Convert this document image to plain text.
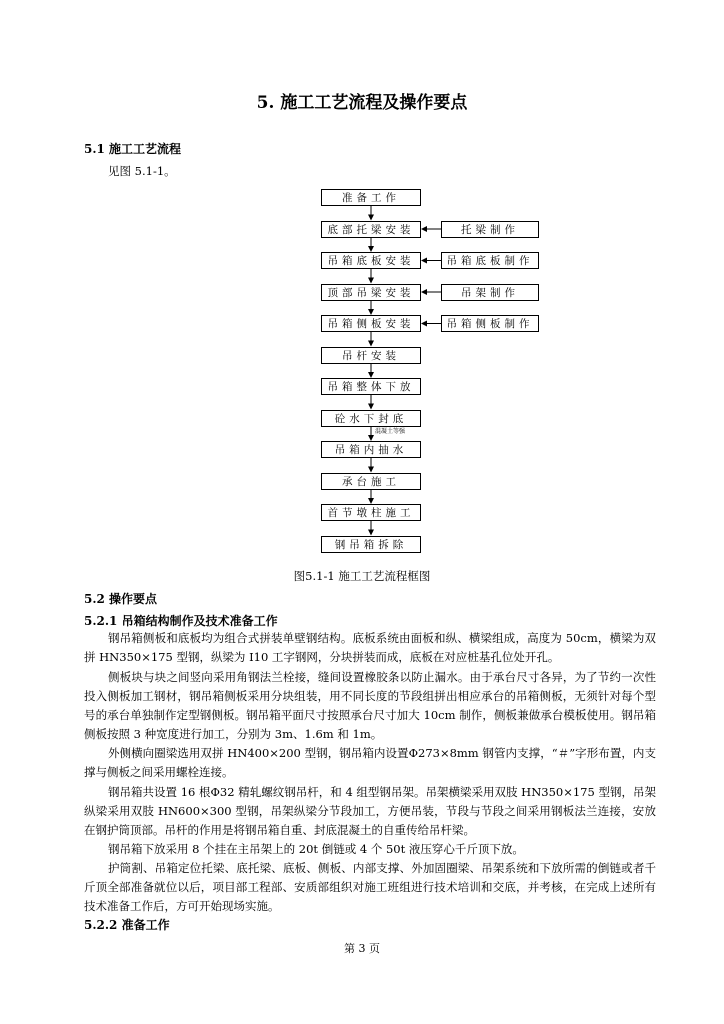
5. 施工工艺流程及操作要点
5.1 施工工艺流程
见图 5.1-1。
准备工作
底部托梁安装
吊箱底板安装
顶部吊梁安装
吊箱侧板安装
吊杆安装
吊箱整体下放
砼水下封底
吊箱内抽水
承台施工
首节墩柱施工
钢吊箱拆除
托梁制作
吊箱底板制作
吊架制作
吊箱侧板制作
混凝土等强
图5.1-1 施工工艺流程框图
5.2 操作要点
5.2.1 吊箱结构制作及技术准备工作
钢吊箱侧板和底板均为组合式拼装单壁钢结构。底板系统由面板和纵、横梁组成，高度为 50cm，横梁为双拼 HN350×175 型钢，纵梁为 I10 工字钢网，分块拼装而成，底板在对应桩基孔位处开孔。
侧板块与块之间竖向采用角钢法兰栓接，缝间设置橡胶条以防止漏水。由于承台尺寸各异，为了节约一次性投入侧板加工钢材，钢吊箱侧板采用分块组装，用不同长度的节段组拼出相应承台的吊箱侧板，无须针对每个型号的承台单独制作定型钢侧板。钢吊箱平面尺寸按照承台尺寸加大 10cm 制作，侧板兼做承台模板使用。钢吊箱侧板按照 3 种宽度进行加工，分别为 3m、1.6m 和 1m。
外侧横向圈梁选用双拼 HN400×200 型钢，钢吊箱内设置Φ273×8mm 钢管内支撑，“＃”字形布置，内支撑与侧板之间采用螺栓连接。
钢吊箱共设置 16 根Φ32 精轧螺纹钢吊杆，和 4 组型钢吊架。吊架横梁采用双肢 HN350×175 型钢，吊架纵梁采用双肢 HN600×300 型钢，吊架纵梁分节段加工，方便吊装，节段与节段之间采用钢板法兰连接，安放在钢护筒顶部。吊杆的作用是将钢吊箱自重、封底混凝土的自重传给吊杆梁。
钢吊箱下放采用 8 个挂在主吊架上的 20t 倒链或 4 个 50t 液压穿心千斤顶下放。
护筒割、吊箱定位托梁、底托梁、底板、侧板、内部支撑、外加固圈梁、吊架系统和下放所需的倒链或者千斤顶全部准备就位以后，项目部工程部、安质部组织对施工班组进行技术培训和交底，并考核，在完成上述所有技术准备工作后，方可开始现场实施。
5.2.2 准备工作
第 3 页
